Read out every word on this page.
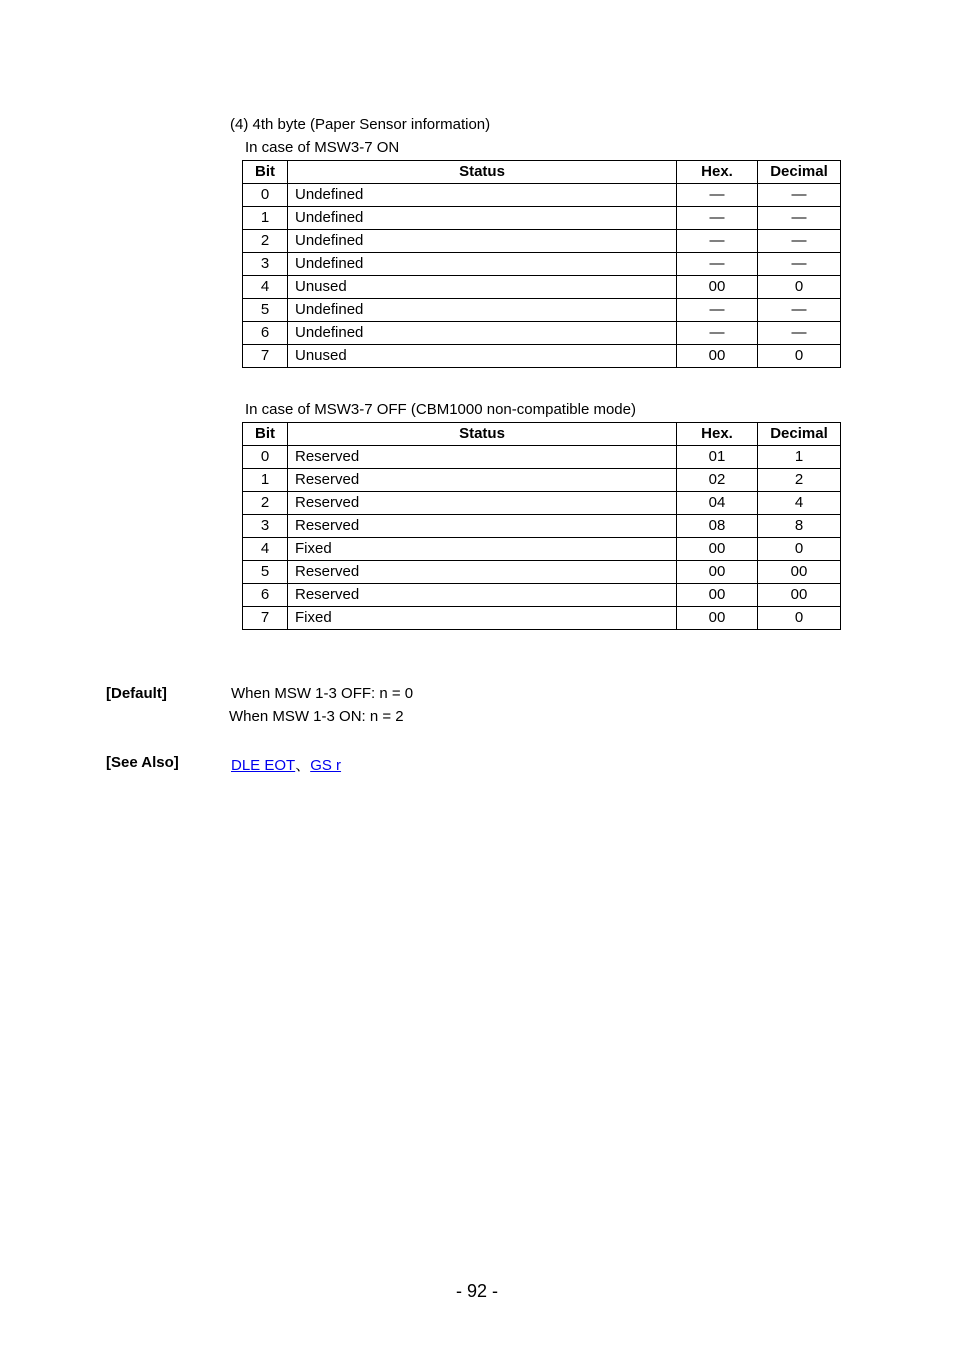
(4) 4th byte (Paper Sensor information)
In case of MSW3-7 ON
Bit	Status	Hex.	Decimal
0	Undefined	—	—
1	Undefined	—	—
2	Undefined	—	—
3	Undefined	—	—
4	Unused	00	0
5	Undefined	—	—
6	Undefined	—	—
7	Unused	00	0
In case of MSW3-7 OFF (CBM1000 non-compatible mode)
Bit	Status	Hex.	Decimal
0	Reserved	01	1
1	Reserved	02	2
2	Reserved	04	4
3	Reserved	08	8
4	Fixed	00	0
5	Reserved	00	00
6	Reserved	00	00
7	Fixed	00	0
[Default]	When MSW 1-3 OFF: n = 0
When MSW 1-3 ON: n = 2
[See Also]	DLE EOT、GS r
- 92 -
